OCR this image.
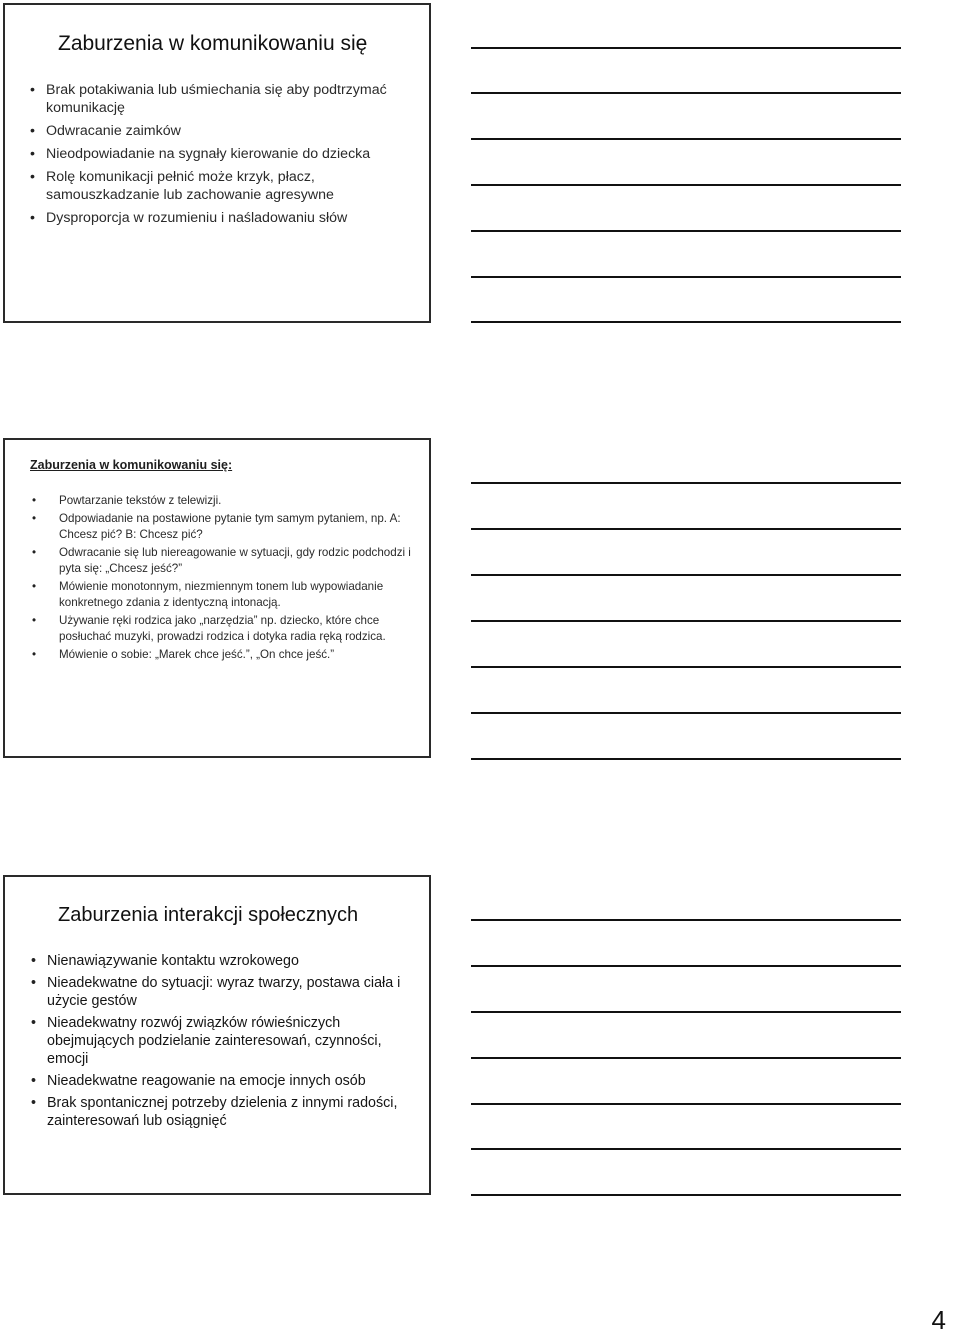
Zaburzenia w komunikowaniu się
• Brak potakiwania lub uśmiechania się aby podtrzymać komunikację
• Odwracanie zaimków
• Nieodpowiadanie na sygnały kierowanie do dziecka
• Rolę komunikacji pełnić może krzyk, płacz, samouszkadzanie lub zachowanie agresywne
• Dysproporcja w rozumieniu i naśladowaniu słów
Zaburzenia w komunikowaniu się:
• Powtarzanie tekstów z telewizji.
• Odpowiadanie na postawione pytanie tym samym pytaniem, np. A: Chcesz pić? B: Chcesz pić?
• Odwracanie się lub niereagowanie w sytuacji, gdy rodzic podchodzi i pyta się: „Chcesz jeść?”
• Mówienie monotonnym, niezmiennym tonem lub wypowiadanie konkretnego zdania z identyczną intonacją.
• Używanie ręki rodzica jako „narzędzia” np. dziecko, które chce posłuchać muzyki, prowadzi rodzica i dotyka radia ręką rodzica.
• Mówienie o sobie: „Marek chce jeść.”, „On chce jeść.”
Zaburzenia interakcji społecznych
• Nienawiązywanie kontaktu wzrokowego
• Nieadekwatne do sytuacji: wyraz twarzy, postawa ciała i użycie gestów
• Nieadekwatny rozwój związków rówieśniczych obejmujących podzielanie zainteresowań, czynności, emocji
• Nieadekwatne reagowanie na emocje innych osób
• Brak spontanicznej potrzeby dzielenia z innymi radości, zainteresowań lub osiągnięć
4
